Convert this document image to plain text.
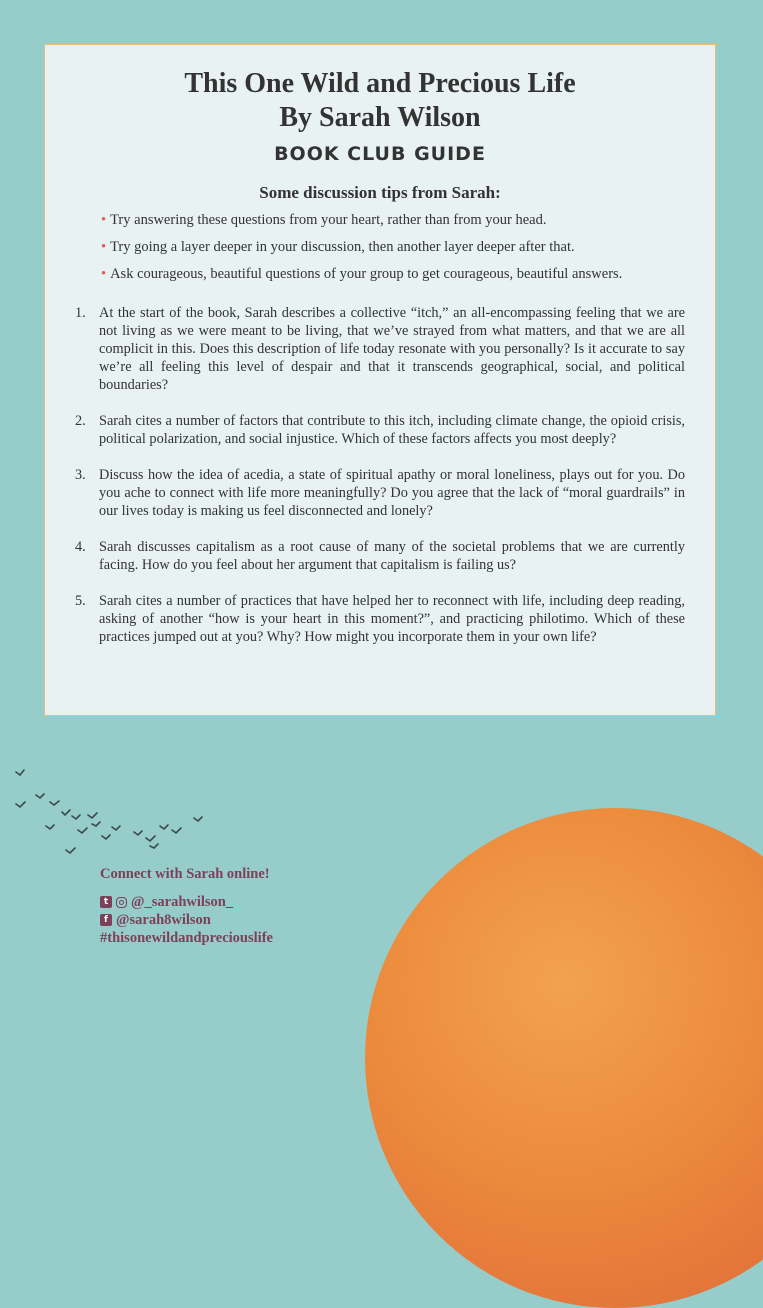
This One Wild and Precious Life

By Sarah Wilson

BOOK CLUB GUIDE
Some discussion tips from Sarah:
• Try answering these questions from your heart, rather than from your head.
• Try going a layer deeper in your discussion, then another layer deeper after that.
• Ask courageous, beautiful questions of your group to get courageous, beautiful answers.
1. At the start of the book, Sarah describes a collective “itch,” an all-encompassing feeling that we are not living as we were meant to be living, that we’ve strayed from what matters, and that we are all complicit in this. Does this description of life today resonate with you personally? Is it accurate to say we’re all feeling this level of despair and that it transcends geographical, social, and political boundaries?
2. Sarah cites a number of factors that contribute to this itch, including climate change, the opioid crisis, political polarization, and social injustice. Which of these factors affects you most deeply?
3. Discuss how the idea of acedia, a state of spiritual apathy or moral loneliness, plays out for you. Do you ache to connect with life more meaningfully? Do you agree that the lack of “moral guardrails” in our lives today is making us feel disconnected and lonely?
4. Sarah discusses capitalism as a root cause of many of the societal problems that we are currently facing. How do you feel about her argument that capitalism is failing us?
5. Sarah cites a number of practices that have helped her to reconnect with life, including deep reading, asking of another “how is your heart in this moment?”, and practicing philotimo. Which of these practices jumped out at you? Why? How might you incorporate them in your own life?
Connect with Sarah online!
t @_sarahwilson_
f @sarah8wilson
#thisonewildandpreciouslife
